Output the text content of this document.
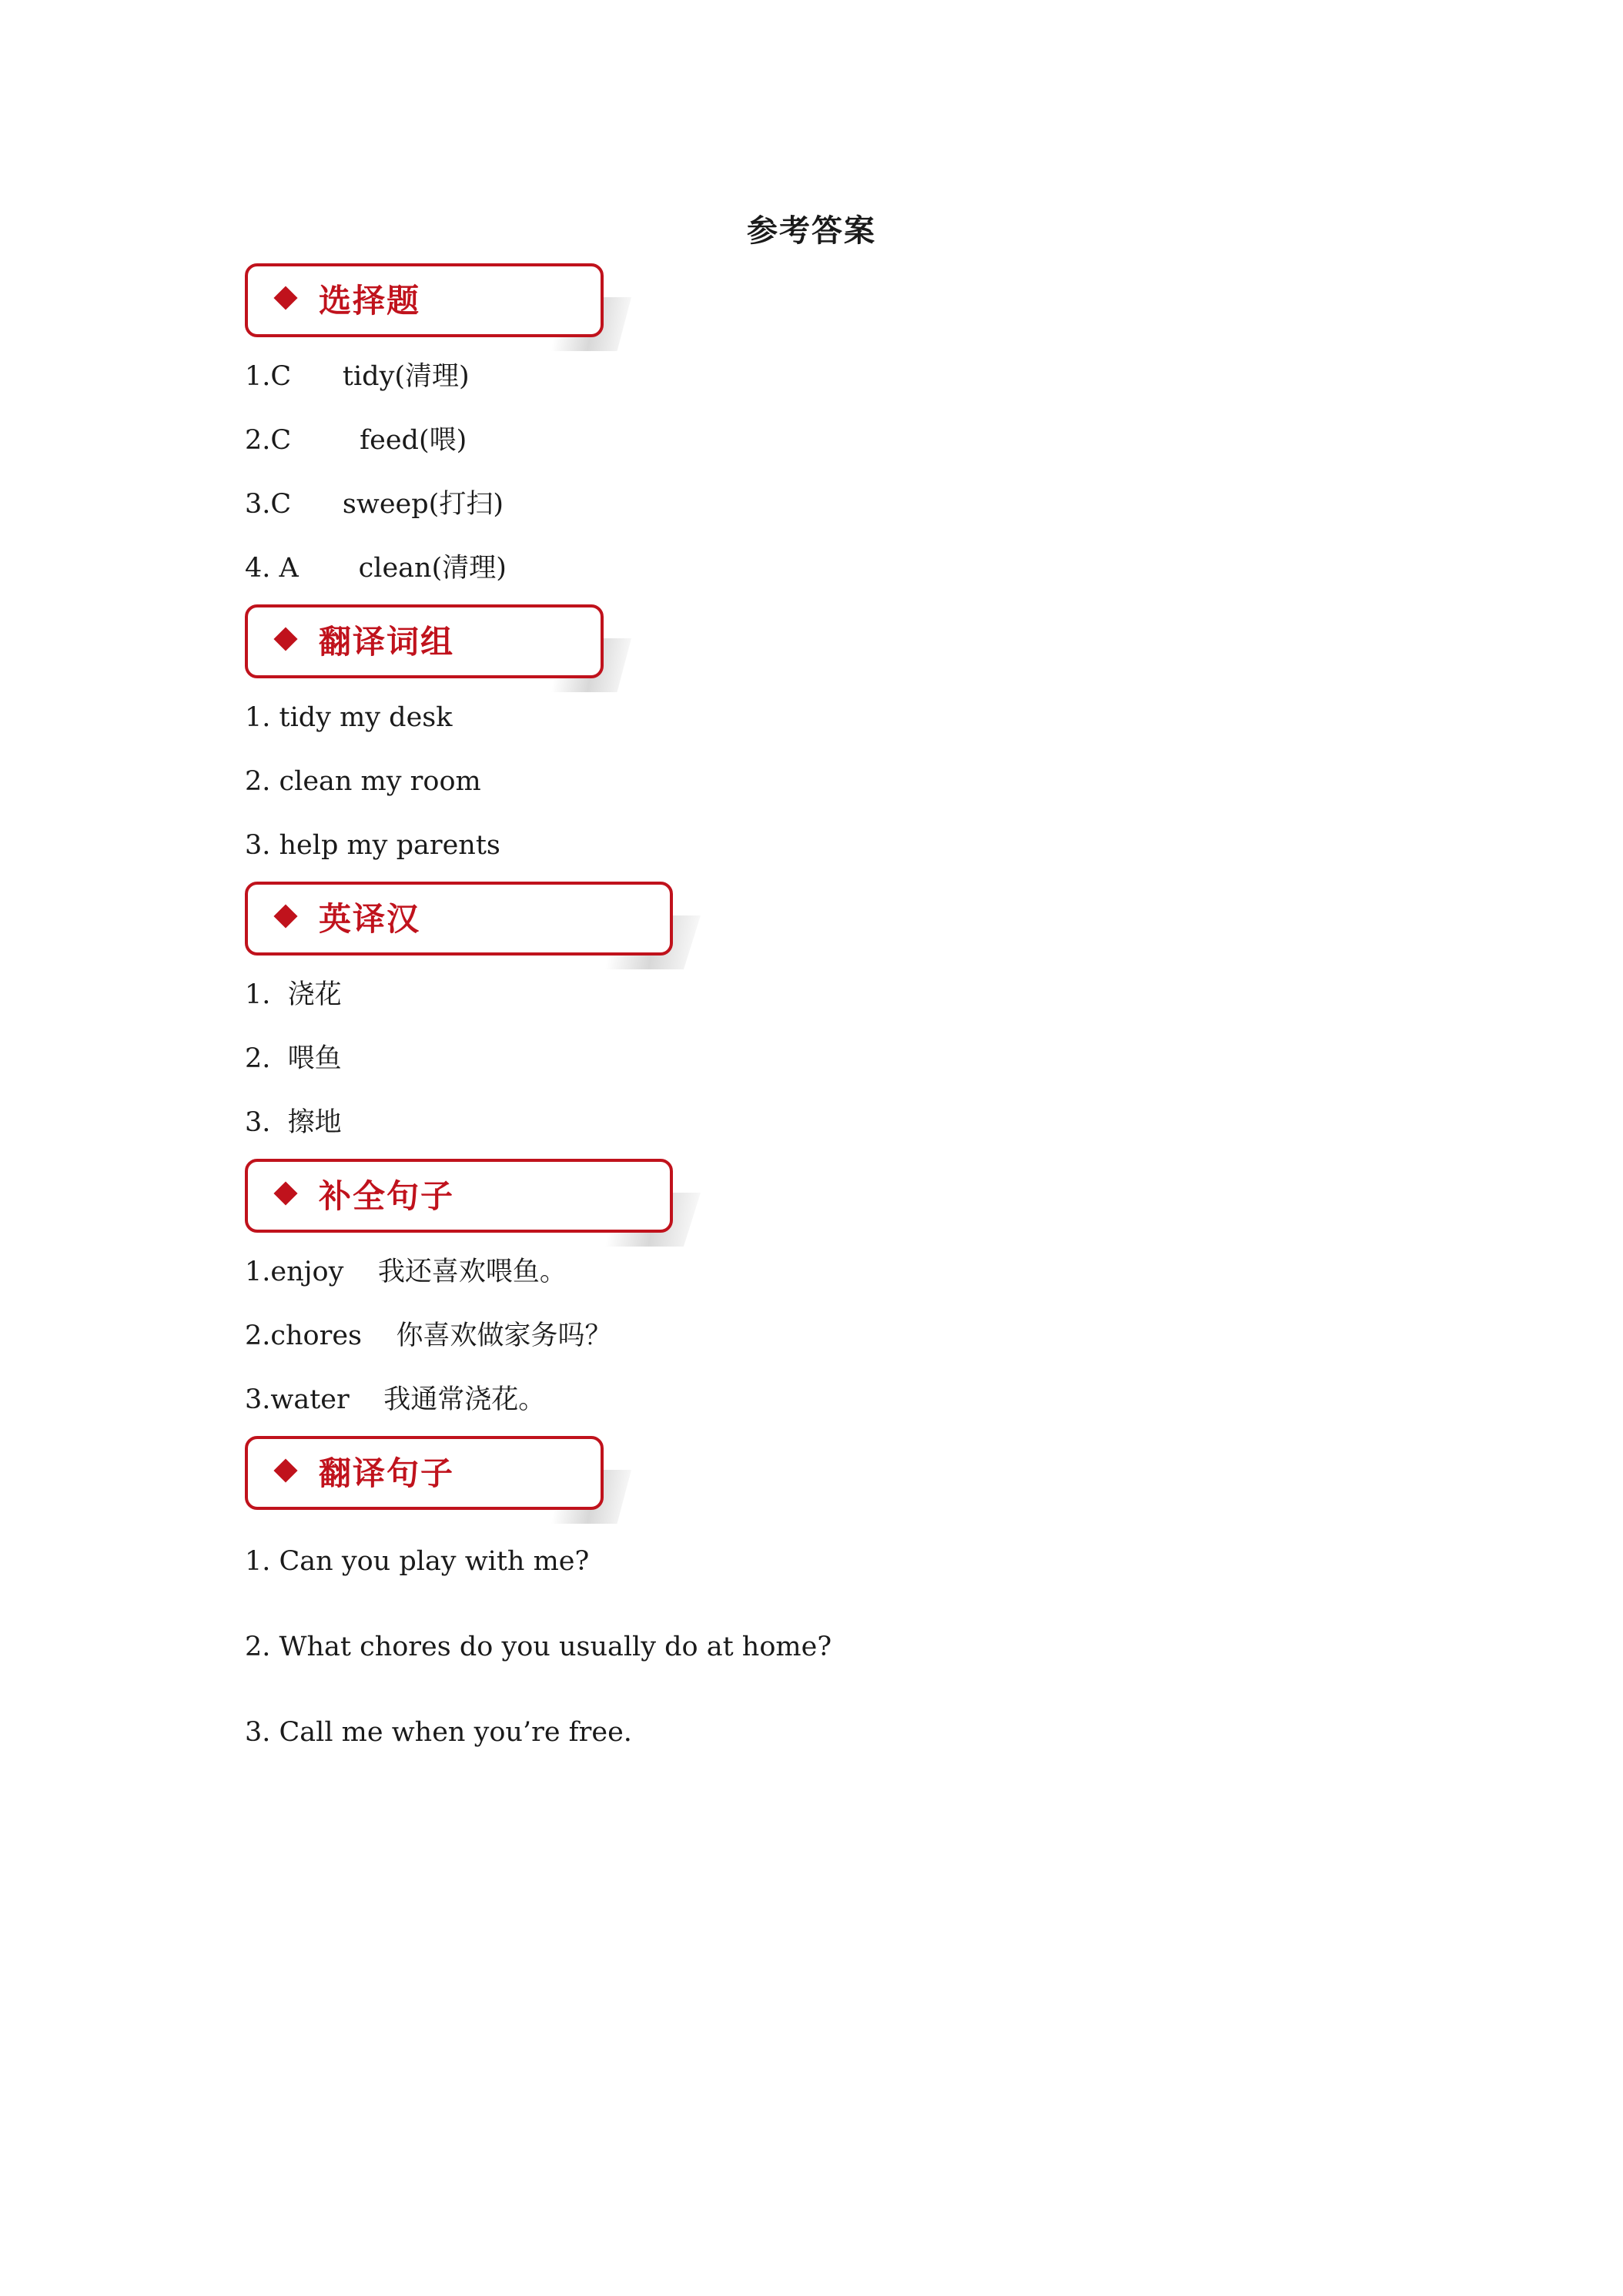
参考答案
选择题
1.C      tidy(清理)
2.C        feed(喂)
3.C      sweep(打扫)
4. A       clean(清理)
翻译词组
1. tidy my desk
2. clean my room
3. help my parents
英译汉
1.  浇花
2.  喂鱼
3.  擦地
补全句子
1.enjoy    我还喜欢喂鱼。
2.chores    你喜欢做家务吗？
3.water    我通常浇花。
翻译句子
1. Can you play with me?
2. What chores do you usually do at home?
3. Call me when you’re free.
